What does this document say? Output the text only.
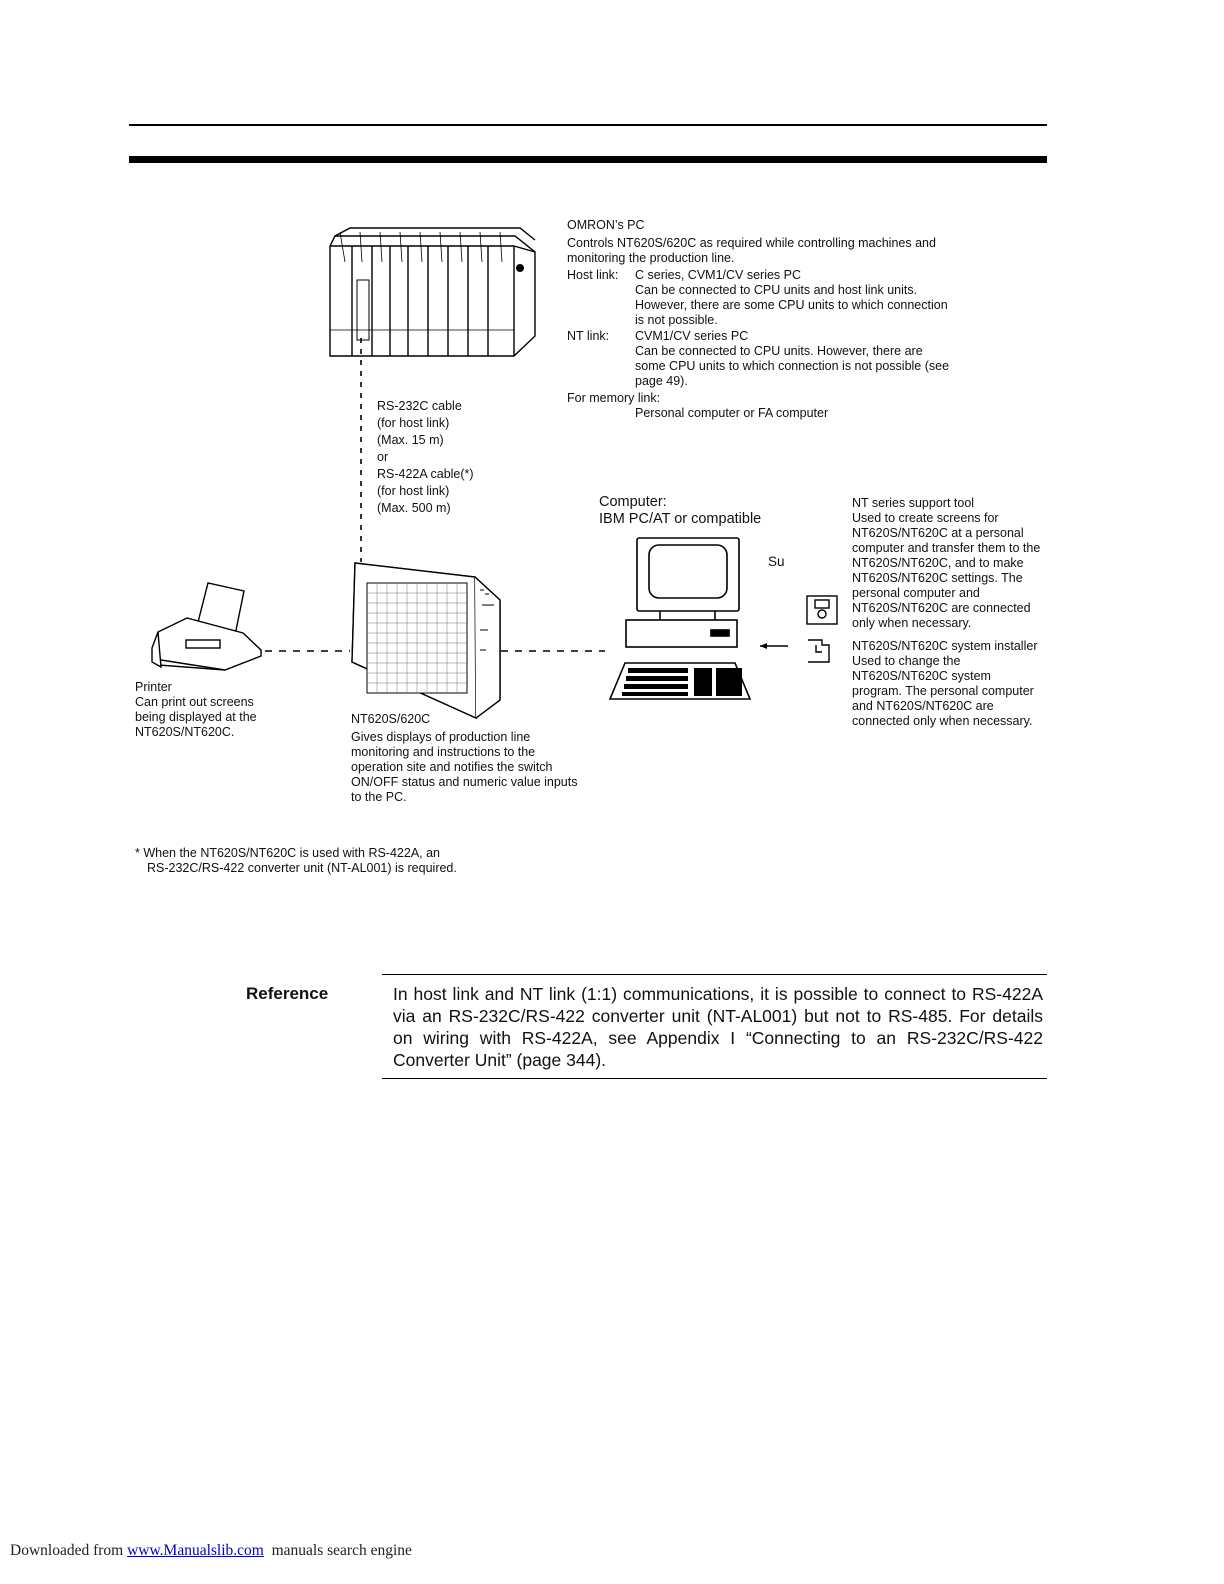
OMRON’s PC
Controls NT620S/620C as required while controlling machines and
monitoring the production line.
Host link: C series, CVM1/CV series PC
Can be connected to CPU units and host link units.
However, there are some CPU units to which connection
is not possible.
NT link: CVM1/CV series PC
Can be connected to CPU units. However, there are
some CPU units to which connection is not possible (see
page 49).
For memory link:
Personal computer or FA computer
RS-232C cable
(for host link)
(Max. 15 m)
or
RS-422A cable(*)
(for host link)
(Max. 500 m)	Computer:
IBM PC/AT or compatible
Su
NT series support tool
Used to create screens for
NT620S/NT620C at a personal
computer and transfer them to the
NT620S/NT620C, and to make
NT620S/NT620C settings. The
personal computer and
NT620S/NT620C are connected
only when necessary.
NT620S/NT620C system installer
Used to change the
NT620S/NT620C system
program. The personal computer
and NT620S/NT620C are
connected only when necessary.
Printer
Can print out screens
being displayed at the
NT620S/NT620C.
NT620S/620C
Gives displays of production line
monitoring and instructions to the
operation site and notifies the switch
ON/OFF status and numeric value inputs
to the PC.
* When the NT620S/NT620C is used with RS-422A, an
RS-232C/RS-422 converter unit (NT-AL001) is required.
Reference	In host link and NT link (1:1) communications, it is possible to connect to RS-422A
via an RS-232C/RS-422 converter unit (NT-AL001) but not to RS-485. For details
on wiring with RS-422A, see Appendix I “Connecting to an RS-232C/RS-422
Converter Unit” (page 344).
Downloaded from www.Manualslib.com  manuals search engine
